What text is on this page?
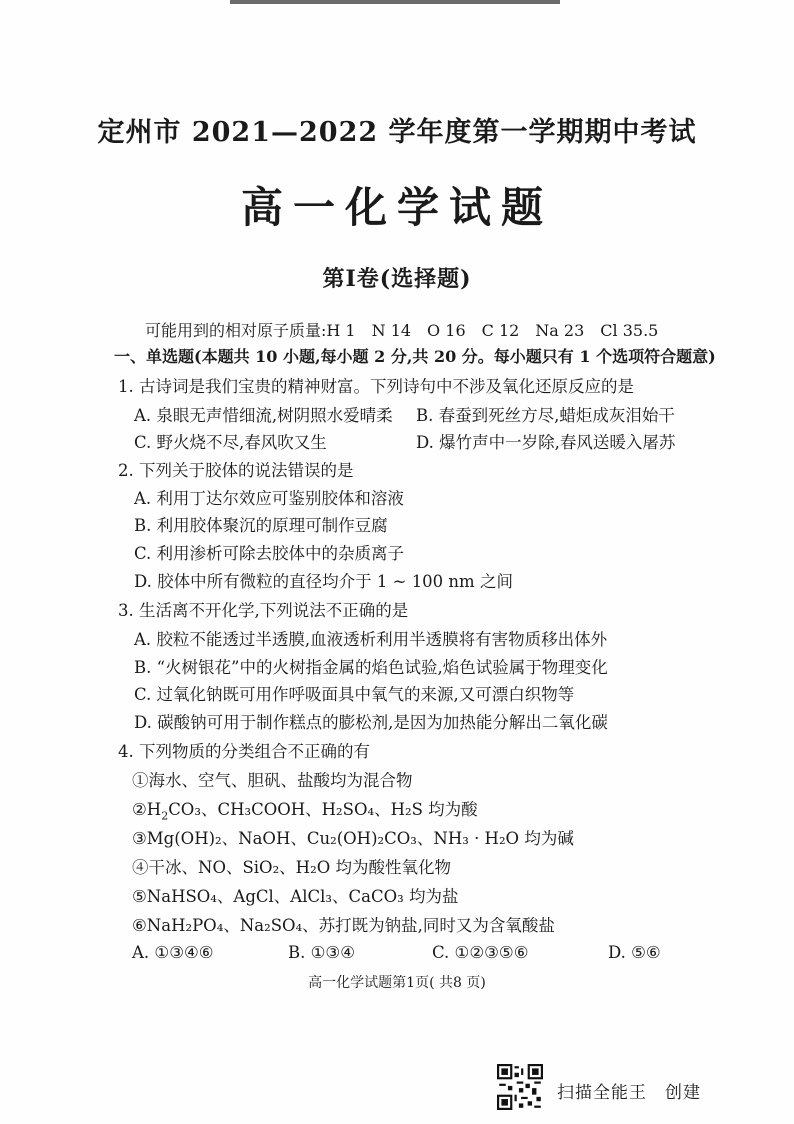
定州市 2021—2022 学年度第一学期期中考试
高一化学试题
第Ⅰ卷(选择题)
可能用到的相对原子质量:H 1　N 14　O 16　C 12　Na 23　Cl 35.5
一、单选题(本题共 10 小题,每小题 2 分,共 20 分。每小题只有 1 个选项符合题意)
1. 古诗词是我们宝贵的精神财富。下列诗句中不涉及氧化还原反应的是
A. 泉眼无声惜细流,树阴照水爱晴柔 B. 春蚕到死丝方尽,蜡炬成灰泪始干
C. 野火烧不尽,春风吹又生	D. 爆竹声中一岁除,春风送暖入屠苏
2. 下列关于胶体的说法错误的是
A. 利用丁达尔效应可鉴别胶体和溶液
B. 利用胶体聚沉的原理可制作豆腐
C. 利用渗析可除去胶体中的杂质离子
D. 胶体中所有微粒的直径均介于 1 ~ 100 nm 之间
3. 生活离不开化学,下列说法不正确的是
A. 胶粒不能透过半透膜,血液透析利用半透膜将有害物质移出体外
B. “火树银花”中的火树指金属的焰色试验,焰色试验属于物理变化
C. 过氧化钠既可用作呼吸面具中氧气的来源,又可漂白织物等
D. 碳酸钠可用于制作糕点的膨松剂,是因为加热能分解出二氧化碳
4. 下列物质的分类组合不正确的有
①海水、空气、胆矾、盐酸均为混合物
$②H_2CO_3$、CH₃COOH、H₂SO₄、H₂S 均为酸
③Mg(OH)₂、NaOH、Cu₂(OH)₂CO₃、NH₃ · H₂O 均为碱
④干冰、NO、SiO₂、H₂O 均为酸性氧化物
⑤NaHSO₄、AgCl、AlCl₃、CaCO₃ 均为盐
⑥NaH₂PO₄、Na₂SO₄、苏打既为钠盐,同时又为含氧酸盐
A. ①③④⑥	B. ①③④	C. ①②③⑤⑥	D. ⑤⑥
高一化学试题第1页( 共8 页)
扫描全能王　创建
